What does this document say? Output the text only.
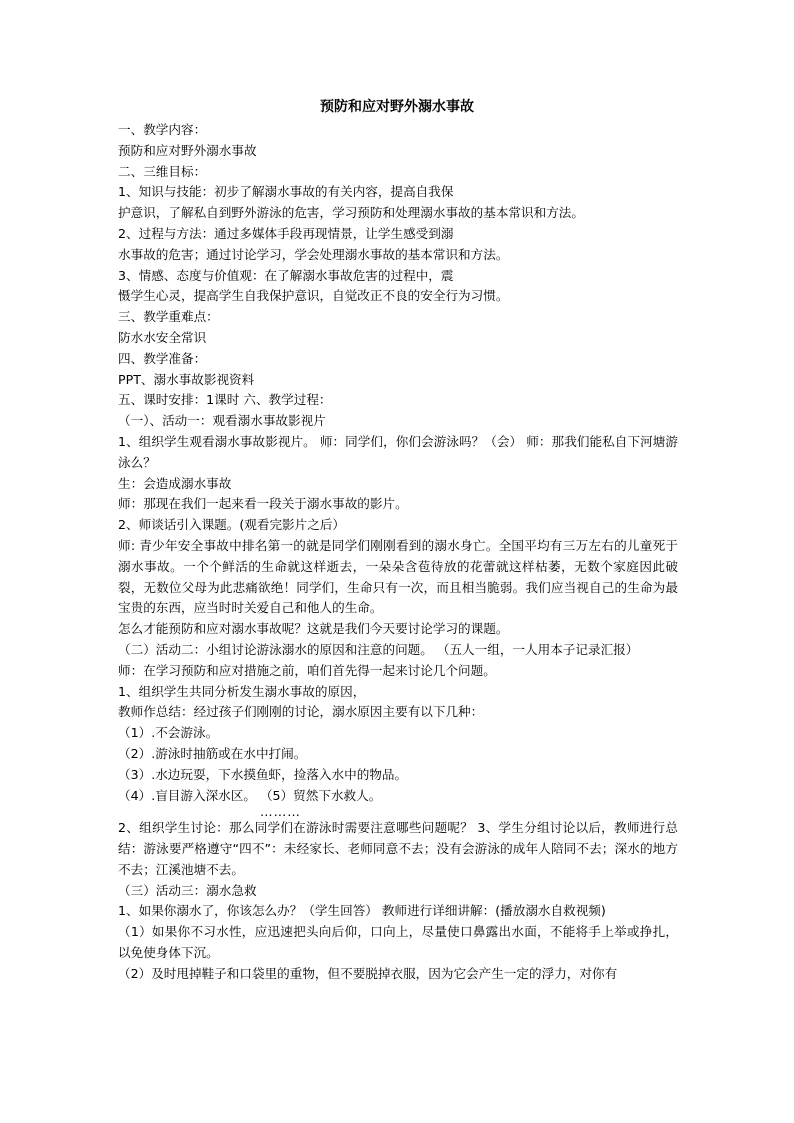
预防和应对野外溺水事故

一、教学内容：

预防和应对野外溺水事故

二、三维目标：

1、知识与技能：初步了解溺水事故的有关内容，提高自我保

护意识，了解私自到野外游泳的危害，学习预防和处理溺水事故的基本常识和方法。

2、过程与方法：通过多媒体手段再现情景，让学生感受到溺

水事故的危害；通过讨论学习，学会处理溺水事故的基本常识和方法。

3、情感、态度与价值观：在了解溺水事故危害的过程中，震

慑学生心灵，提高学生自我保护意识，自觉改正不良的安全行为习惯。

三、教学重难点：

防水水安全常识

四、教学准备：

PPT、溺水事故影视资料

五、课时安排：1课时 六、教学过程：

（一）、活动一：观看溺水事故影视片

1、组织学生观看溺水事故影视片。 师：同学们，你们会游泳吗？（会） 师：那我们能私自下河塘游泳么？

生：会造成溺水事故

师：那现在我们一起来看一段关于溺水事故的影片。

2、师谈话引入课题。(观看完影片之后）

师: 青少年安全事故中排名第一的就是同学们刚刚看到的溺水身亡。全国平均有三万左右的儿童死于溺水事故。一个个鲜活的生命就这样逝去，一朵朵含苞待放的花蕾就这样枯萎，无数个家庭因此破裂，无数位父母为此悲痛欲绝！同学们，生命只有一次，而且相当脆弱。我们应当视自己的生命为最宝贵的东西，应当时时关爱自己和他人的生命。

怎么才能预防和应对溺水事故呢？这就是我们今天要讨论学习的课题。

（二）活动二：小组讨论游泳溺水的原因和注意的问题。 （五人一组，一人用本子记录汇报）

师：在学习预防和应对措施之前，咱们首先得一起来讨论几个问题。

1、组织学生共同分析发生溺水事故的原因，

教师作总结：经过孩子们刚刚的讨论，溺水原因主要有以下几种：

（1）.不会游泳。

（2）.游泳时抽筋或在水中打闹。

（3）.水边玩耍，下水摸鱼虾，捡落入水中的物品。

（4）.盲目游入深水区。 （5）贸然下水救人。

………

2、组织学生讨论：那么同学们在游泳时需要注意哪些问题呢？ 3、学生分组讨论以后，教师进行总结：游泳要严格遵守“四不”：未经家长、老师同意不去；没有会游泳的成年人陪同不去；深水的地方不去；江溪池塘不去。

（三）活动三：溺水急救

1、如果你溺水了，你该怎么办？（学生回答） 教师进行详细讲解：(播放溺水自救视频)

（1）如果你不习水性，应迅速把头向后仰，口向上，尽量使口鼻露出水面，不能将手上举或挣扎，以免使身体下沉。

（2）及时甩掉鞋子和口袋里的重物，但不要脱掉衣服，因为它会产生一定的浮力，对你有
